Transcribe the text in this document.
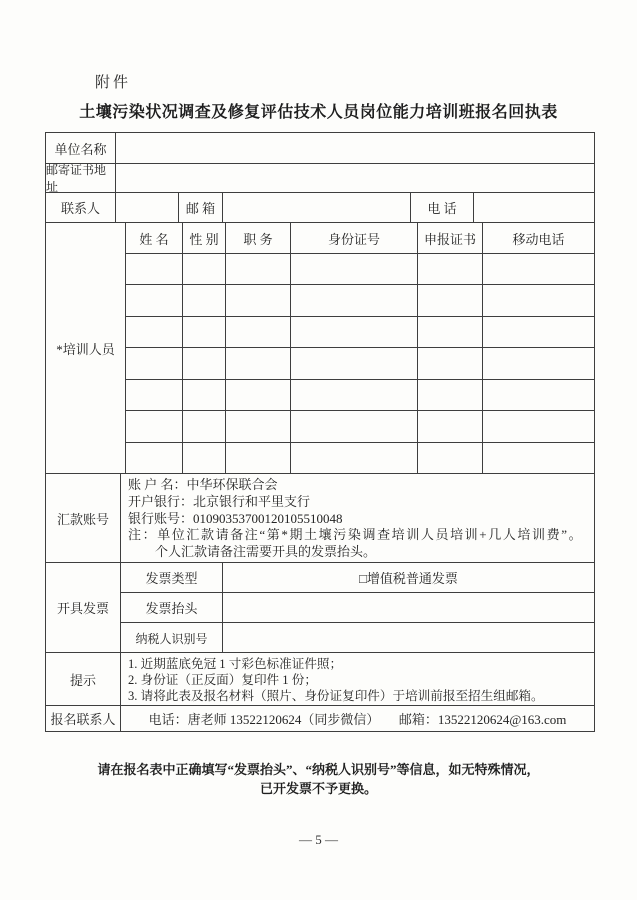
附件
土壤污染状况调查及修复评估技术人员岗位能力培训班报名回执表
单位名称
邮寄证书地址
联系人	邮 箱	电 话
*培训人员
姓 名	性 别	职 务	身份证号	申报证书	移动电话
汇款账号
账 户 名：中华环保联合会
开户银行：北京银行和平里支行
银行账号：01090353700120105510048
注：单位汇款请备注“第*期土壤污染调查培训人员培训+几人培训费”。
个人汇款请备注需要开具的发票抬头。
开具发票
发票类型	□增值税普通发票
发票抬头
纳税人识别号
提示
1. 近期蓝底免冠 1 寸彩色标准证件照；
2. 身份证（正反面）复印件 1 份；
3. 请将此表及报名材料（照片、身份证复印件）于培训前报至招生组邮箱。
报名联系人	电话：唐老师 13522120624（同步微信）　　邮箱：13522120624@163.com
请在报名表中正确填写“发票抬头”、“纳税人识别号”等信息，如无特殊情况，
已开发票不予更换。
— 5 —
